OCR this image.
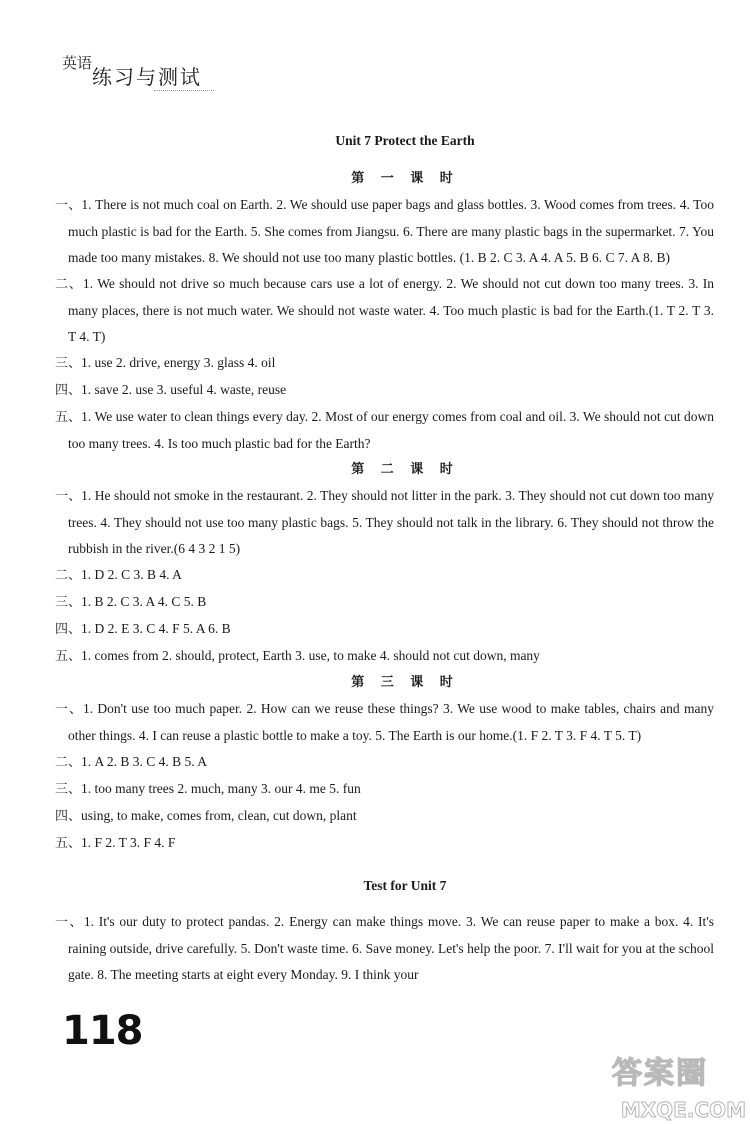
英语
练习与测试
Unit 7 Protect the Earth
第 一 课 时

一、1. There is not much coal on Earth. 2. We should use paper bags and glass bottles. 3. Wood comes from trees. 4. Too much plastic is bad for the Earth. 5. She comes from Jiangsu. 6. There are many plastic bags in the supermarket. 7. You made too many mistakes. 8. We should not use too many plastic bottles. (1. B 2. C 3. A 4. A 5. B 6. C 7. A 8. B)

二、1. We should not drive so much because cars use a lot of energy. 2. We should not cut down too many trees. 3. In many places, there is not much water. We should not waste water. 4. Too much plastic is bad for the Earth.(1. T 2. T 3. T 4. T)

三、1. use 2. drive, energy 3. glass 4. oil

四、1. save 2. use 3. useful 4. waste, reuse

五、1. We use water to clean things every day. 2. Most of our energy comes from coal and oil. 3. We should not cut down too many trees. 4. Is too much plastic bad for the Earth?

第 二 课 时

一、1. He should not smoke in the restaurant. 2. They should not litter in the park. 3. They should not cut down too many trees. 4. They should not use too many plastic bags. 5. They should not talk in the library. 6. They should not throw the rubbish in the river.(6 4 3 2 1 5)

二、1. D 2. C 3. B 4. A

三、1. B 2. C 3. A 4. C 5. B

四、1. D 2. E 3. C 4. F 5. A 6. B

五、1. comes from 2. should, protect, Earth 3. use, to make 4. should not cut down, many

第 三 课 时

一、1. Don't use too much paper. 2. How can we reuse these things? 3. We use wood to make tables, chairs and many other things. 4. I can reuse a plastic bottle to make a toy. 5. The Earth is our home.(1. F 2. T 3. F 4. T 5. T)

二、1. A 2. B 3. C 4. B 5. A

三、1. too many trees 2. much, many 3. our 4. me 5. fun

四、using, to make, comes from, clean, cut down, plant

五、1. F 2. T 3. F 4. F

Test for Unit 7

一、1. It's our duty to protect pandas. 2. Energy can make things move. 3. We can reuse paper to make a box. 4. It's raining outside, drive carefully. 5. Don't waste time. 6. Save money. Let's help the poor. 7. I'll wait for you at the school gate. 8. The meeting starts at eight every Monday. 9. I think your

118
答案圈
MXQE.COM
